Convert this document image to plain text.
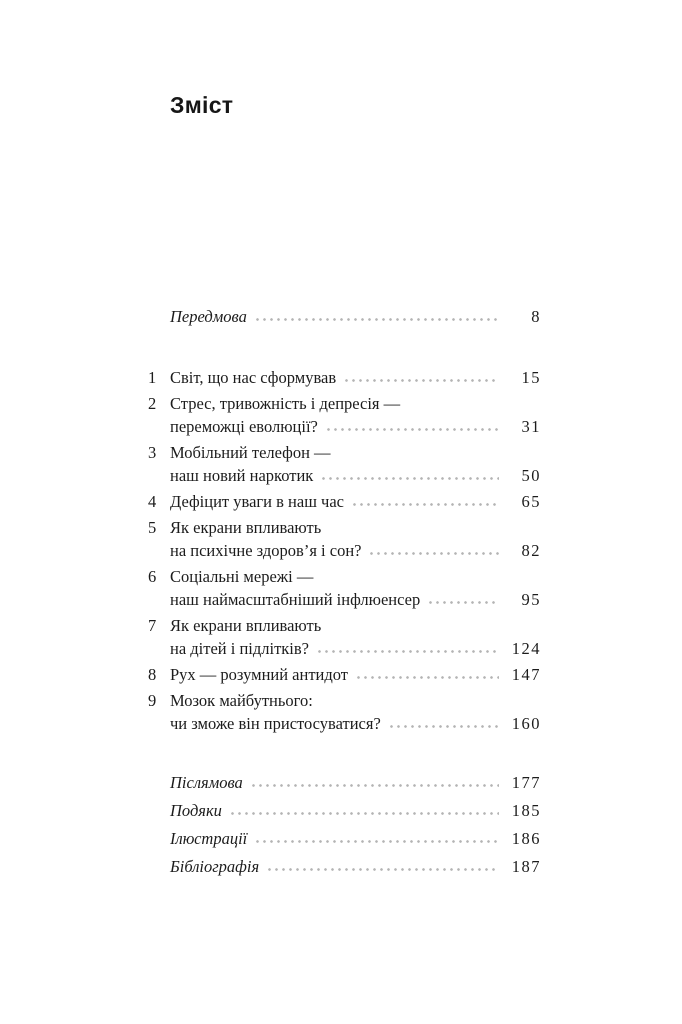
Зміст
Передмова	8
1 Світ, що нас сформував	15
2 Стрес, тривожність і депресія —
переможці еволюції?	31
3 Мобільний телефон —
наш новий наркотик	50
4 Дефіцит уваги в наш час	65
5 Як екрани впливають
на психічне здоров’я і сон?	82
6 Соціальні мережі —
наш наймасштабніший інфлюенсер	95
7 Як екрани впливають
на дітей і підлітків?	124
8 Рух — розумний антидот	147
9 Мозок майбутнього:
чи зможе він пристосуватися?	160
Післямова	177
Подяки	185
Ілюстрації	186
Бібліографія	187
